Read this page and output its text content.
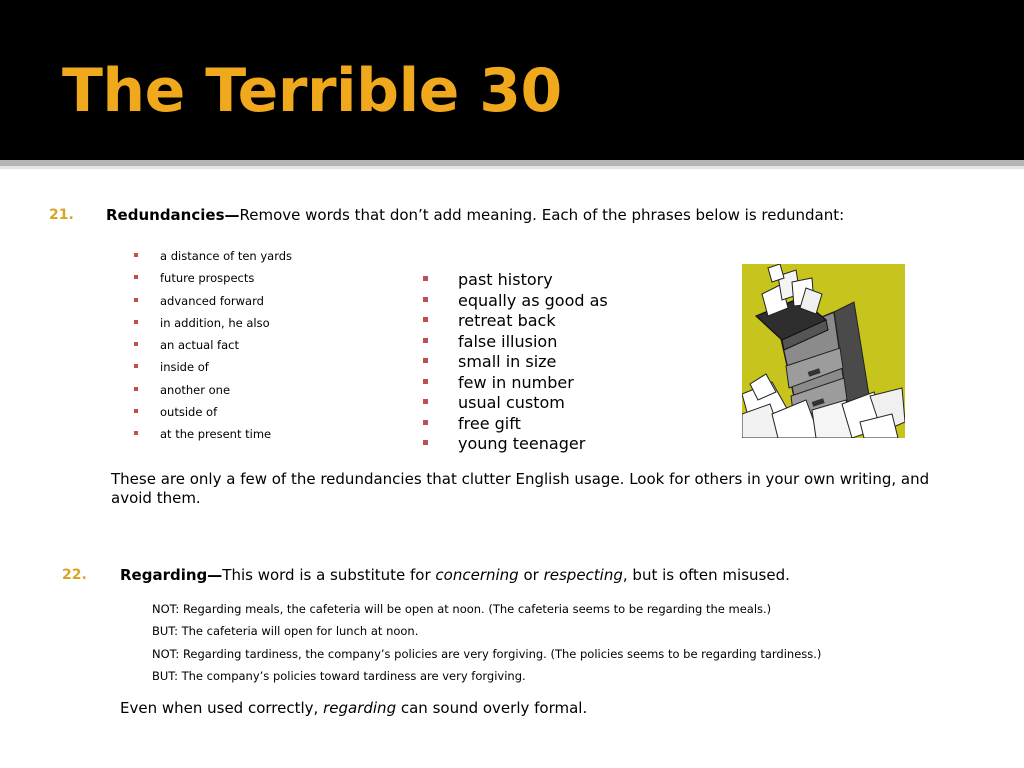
The Terrible 30
21. Redundancies—Remove words that don’t add meaning. Each of the phrases below is redundant:
a distance of ten yards
future prospects
advanced forward
in addition, he also
an actual fact
inside of
another one
outside of
at the present time
past history
equally as good as
retreat back
false illusion
small in size
few in number
usual custom
free gift
young teenager
These are only a few of the redundancies that clutter English usage. Look for others in your own writing, and avoid them.
22. Regarding—This word is a substitute for concerning or respecting, but is often misused.
NOT: Regarding meals, the cafeteria will be open at noon. (The cafeteria seems to be regarding the meals.)
BUT: The cafeteria will open for lunch at noon.
NOT: Regarding tardiness, the company’s policies are very forgiving. (The policies seems to be regarding tardiness.)
BUT: The company’s policies toward tardiness are very forgiving.
Even when used correctly, regarding can sound overly formal.
